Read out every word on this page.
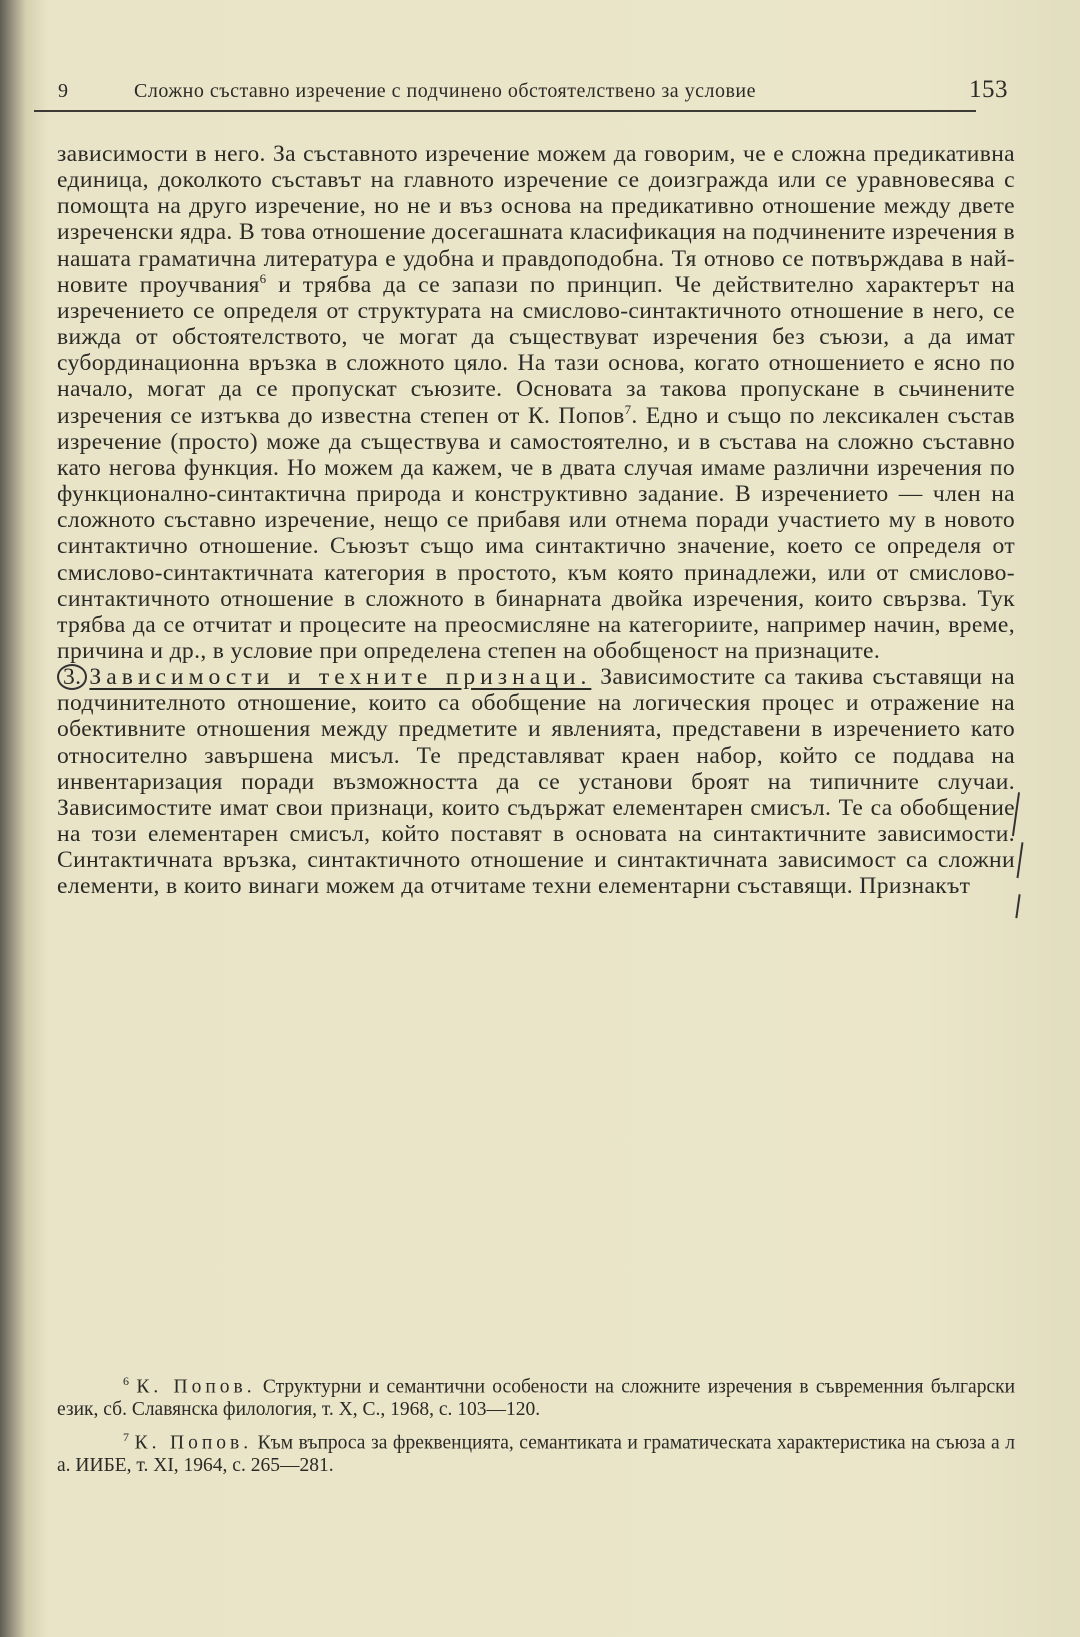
9	Сложно съставно изречение с подчинено обстоятелствено за условие	153

зависимости в него. За съставното изречение можем да говорим, че е сложна предикативна единица, доколкото съставът на главното изречение се доизгражда или се уравновесява с помощта на друго изречение, но не и въз основа на предикативно отношение между двете изреченски ядра. В това отношение досегашната класификация на подчинените изречения в нашата граматична литература е удобна и правдоподобна. Тя отново се потвърждава в най-новите проучвания$^6$ и трябва да се запази по принцип. Че действително характерът на изречението се определя от структурата на смислово-синтактичното отношение в него, се вижда от обстоятелството, че могат да съществуват изречения без съюзи, а да имат субординационна връзка в сложното цяло. На тази основа, когато отношението е ясно по начало, могат да се пропускат съюзите. Основата за такова пропускане в сьчинените изречения се изтъква до известна степен от К. Попов$^7$. Едно и също по лексикален състав изречение (просто) може да съществува и самостоятелно, и в състава на сложно съставно като негова функция. Но можем да кажем, че в двата случая имаме различни изречения по функционално-синтактична природа и конструктивно задание. В изречението — член на сложното съставно изречение, нещо се прибавя или отнема поради участието му в новото синтактично отношение. Съюзът също има синтактично значение, което се определя от смислово-синтактичната категория в простото, към която принадлежи, или от смислово-синтактичното отношение в сложното в бинарната двойка изречения, които свързва. Тук трябва да се отчитат и процесите на преосмисляне на категориите, например начин, време, причина и др., в условие при определена степен на обобщеност на признаците.

3. Зависимости и техните признаци. Зависимостите са такива съставящи на подчинителното отношение, които са обобщение на логическия процес и отражение на обективните отношения между предметите и явленията, представени в изречението като относително завършена мисъл. Те представляват краен набор, който се поддава на инвентаризация поради възможността да се установи броят на типичните случаи. Зависимостите имат свои признаци, които съдържат елементарен смисъл. Те са обобщение на този елементарен смисъл, който поставят в основата на синтактичните зависимости. Синтактичната връзка, синтактичното отношение и синтактичната зависимост са сложни елементи, в които винаги можем да отчитаме техни елементарни съставящи. Признакът

$^6$ К. Попов. Структурни и семантични особености на сложните изречения в съвременния български език, сб. Славянска филология, т. X, С., 1968, с. 103—120.

$^7$ К. Попов. Към въпроса за фреквенцията, семантиката и граматическата характеристика на съюза а л а. ИИБЕ, т. XI, 1964, с. 265—281.
